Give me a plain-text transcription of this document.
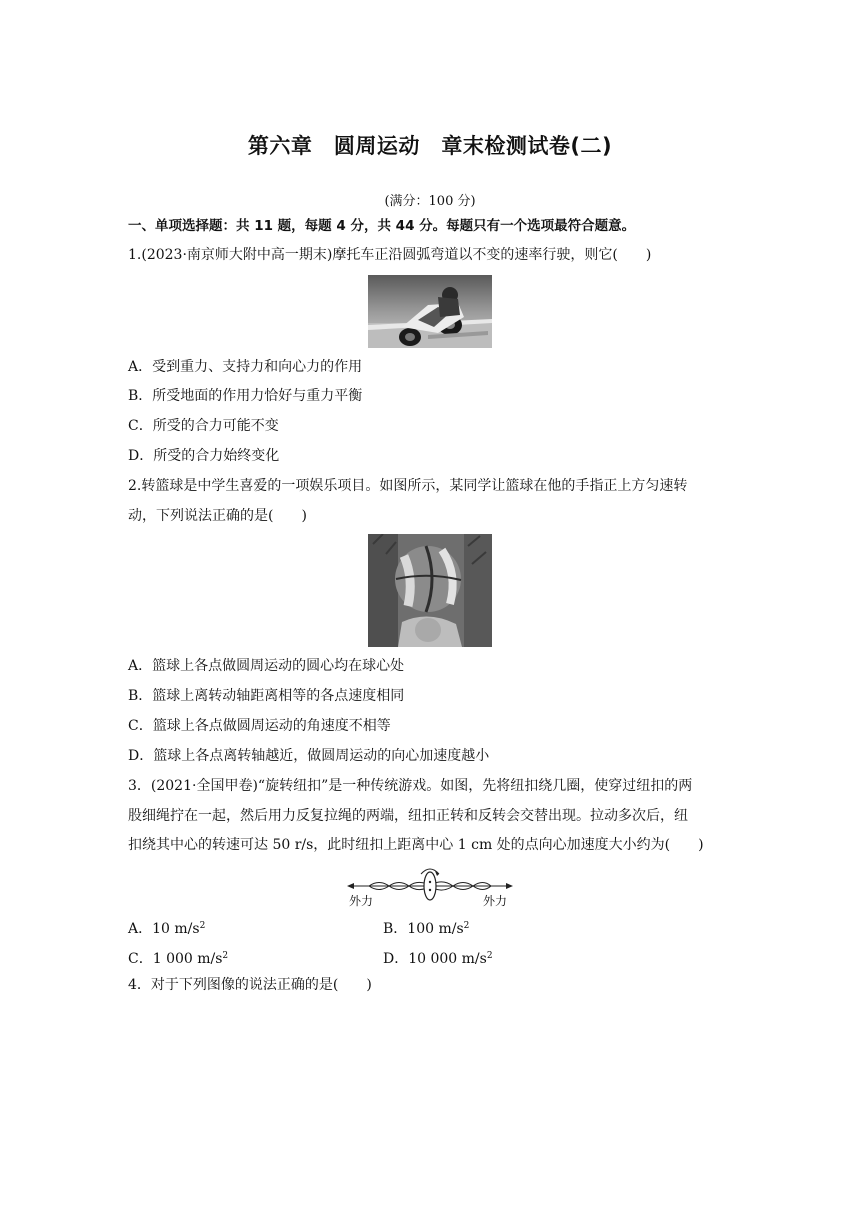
第六章　圆周运动　章末检测试卷(二)
(满分：100 分)
一、单项选择题：共 11 题，每题 4 分，共 44 分。每题只有一个选项最符合题意。
1.(2023·南京师大附中高一期末)摩托车正沿圆弧弯道以不变的速率行驶，则它(　　)
A．受到重力、支持力和向心力的作用
B．所受地面的作用力恰好与重力平衡
C．所受的合力可能不变
D．所受的合力始终变化
2.转篮球是中学生喜爱的一项娱乐项目。如图所示，某同学让篮球在他的手指正上方匀速转
动，下列说法正确的是(　　)
A．篮球上各点做圆周运动的圆心均在球心处
B．篮球上离转动轴距离相等的各点速度相同
C．篮球上各点做圆周运动的角速度不相等
D．篮球上各点离转轴越近，做圆周运动的向心加速度越小
3．(2021·全国甲卷)“旋转纽扣”是一种传统游戏。如图，先将纽扣绕几圈，使穿过纽扣的两
股细绳拧在一起，然后用力反复拉绳的两端，纽扣正转和反转会交替出现。拉动多次后，纽
扣绕其中心的转速可达 50 r/s，此时纽扣上距离中心 1 cm 处的点向心加速度大小约为(　　)
外力	外力
A．10 $m/s^2$	B．100 $m/s^2$
C．1 000 $m/s^2$	D．10 000 $m/s^2$
4．对于下列图像的说法正确的是(　　)
